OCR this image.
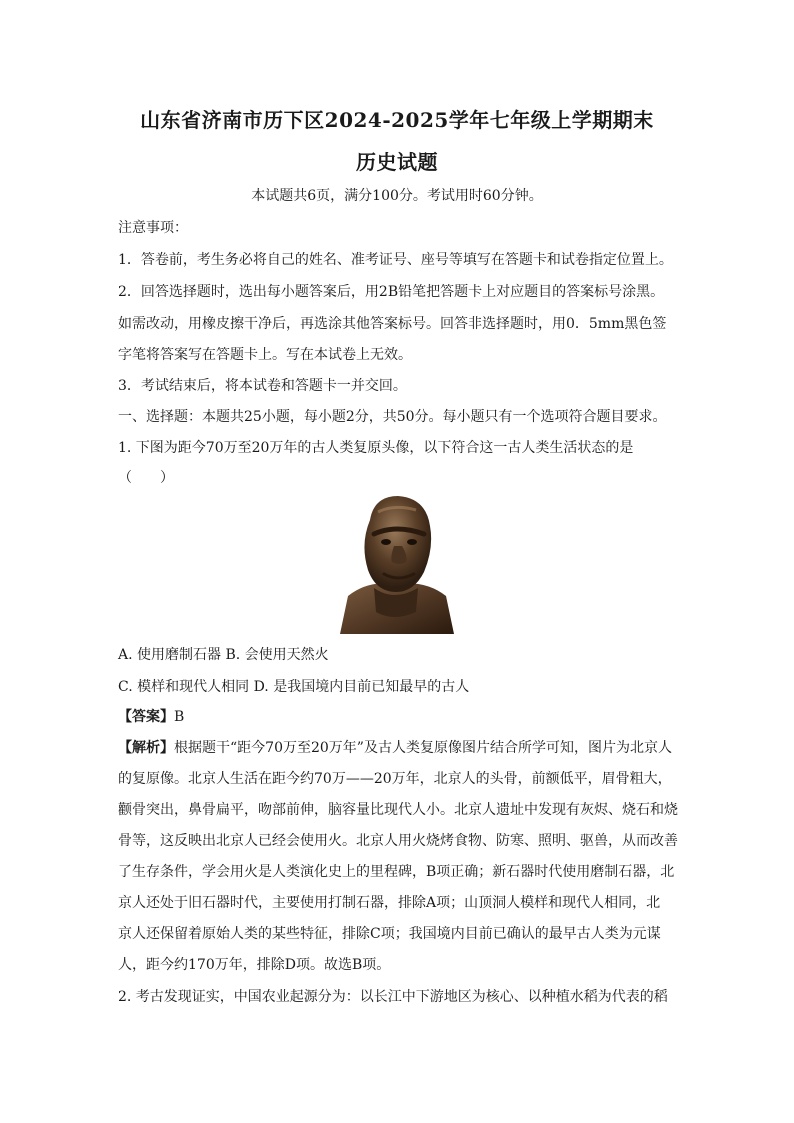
山东省济南市历下区2024-2025学年七年级上学期期末
历史试题
本试题共6页，满分100分。考试用时60分钟。
注意事项：
1．答卷前，考生务必将自己的姓名、准考证号、座号等填写在答题卡和试卷指定位置上。
2．回答选择题时，选出每小题答案后，用2B铅笔把答题卡上对应题目的答案标号涂黑。
如需改动，用橡皮擦干净后，再选涂其他答案标号。回答非选择题时，用0．5mm黑色签
字笔将答案写在答题卡上。写在本试卷上无效。
3．考试结束后，将本试卷和答题卡一并交回。
一、选择题：本题共25小题，每小题2分，共50分。每小题只有一个选项符合题目要求。
1. 下图为距今70万至20万年的古人类复原头像，以下符合这一古人类生活状态的是
（　　）
A. 使用磨制石器 B. 会使用天然火
C. 模样和现代人相同 D. 是我国境内目前已知最早的古人
【答案】B
【解析】根据题干“距今70万至20万年”及古人类复原像图片结合所学可知，图片为北京人
的复原像。北京人生活在距今约70万——20万年，北京人的头骨，前额低平，眉骨粗大，
颧骨突出，鼻骨扁平，吻部前伸，脑容量比现代人小。北京人遗址中发现有灰烬、烧石和烧
骨等，这反映出北京人已经会使用火。北京人用火烧烤食物、防寒、照明、驱兽，从而改善
了生存条件，学会用火是人类演化史上的里程碑，B项正确；新石器时代使用磨制石器，北
京人还处于旧石器时代，主要使用打制石器，排除A项；山顶洞人模样和现代人相同，北
京人还保留着原始人类的某些特征，排除C项；我国境内目前已确认的最早古人类为元谋
人，距今约170万年，排除D项。故选B项。
2. 考古发现证实，中国农业起源分为：以长江中下游地区为核心、以种植水稻为代表的稻
